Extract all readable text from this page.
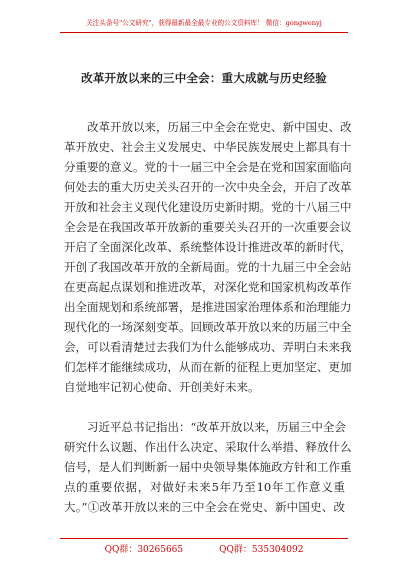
关注头条号"公文研究"，获得最新最全最专业的公文资料库！ 微信：gongwenyj
改革开放以来的三中全会：重大成就与历史经验
改革开放以来，历届三中全会在党史、新中国史、改
革开放史、社会主义发展史、中华民族发展史上都具有十
分重要的意义。党的十一届三中全会是在党和国家面临向
何处去的重大历史关头召开的一次中央全会，开启了改革
开放和社会主义现代化建设历史新时期。党的十八届三中
全会是在我国改革开放新的重要关头召开的一次重要会议
开启了全面深化改革、系统整体设计推进改革的新时代，
开创了我国改革开放的全新局面。党的十九届三中全会站
在更高起点谋划和推进改革，对深化党和国家机构改革作
出全面规划和系统部署，是推进国家治理体系和治理能力
现代化的一场深刻变革。回顾改革开放以来的历届三中全
会，可以看清楚过去我们为什么能够成功、弄明白未来我
们怎样才能继续成功，从而在新的征程上更加坚定、更加
自觉地牢记初心使命、开创美好未来。
习近平总书记指出：“改革开放以来，历届三中全会
研究什么议题、作出什么决定、采取什么举措、释放什么
信号，是人们判断新一届中央领导集体施政方针和工作重
点的重要依据，对做好未来5年乃至10年工作意义重
大。”①改革开放以来的三中全会在党史、新中国史、改
QQ群：30265665	QQ群：535304092
